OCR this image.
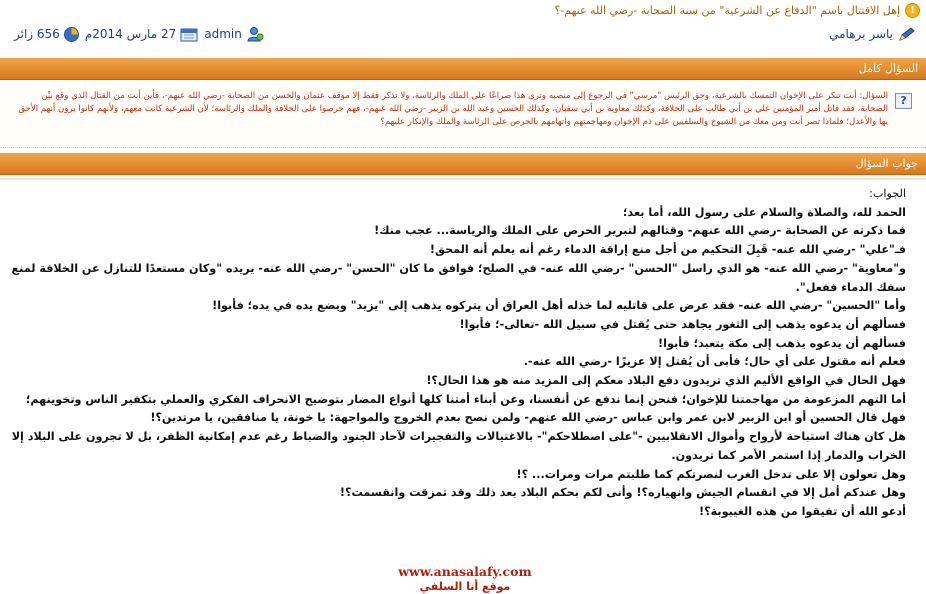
!
إهل الاقتتال باسم "الدفاع عن الشرعية" من سنة الصحابة -رضي الله عنهم-؟
ياسر برهامي
admin
27 مارس 2014م
656 زائر
السؤال كامل
?
السؤال: أنت تنكر على الإخوان التمسك بالشرعية، وحق الرئيس "مرسي" في الرجوع إلى منصبه وترى هذا صراعًا على الملك والرئاسة، ولا تذكر فقط إلا موقف عثمان والحسن من الصحابة -رضي الله عنهم-، فأين أنت من القتال الذي وقع بيْن الصحابة، فقد قاتل أمير المؤمنين علي بن أبي طالب على الخلافة، وكذلك معاوية بن أبي سفيان، وكذلك الحسين وعبد الله بن الزبير -رضي الله عنهم-، فهم حرصوا على الخلافة والملك والرئاسة؛ لأن الشرعية كانت معهم، ولأنهم كانوا يرون أنهم الأحق بها والأعدل؛ فلماذا تصر أنت ومن معك من الشيوخ والسلفيين على ذم الإخوان ومهاجمتهم واتهامهم بالحرص على الرئاسة والملك والإنكار عليهم؟
جواب السؤال

الجواب:

الحمد لله، والصلاة والسلام على رسول الله، أما بعد؛

فما ذكرته عن الصحابة -رضي الله عنهم- وقتالهم لتبرير الحرص على الملك والرياسة... عجب منك!

فـ"علي" -رضي الله عنه- قَبِلَ التحكيم من أجل منع إراقة الدماء رغم أنه يعلم أنه المحق!

و"معاوية" -رضي الله عنه- هو الذي راسل "الحسن" -رضي الله عنه- في الصلح؛ فوافق ما كان "الحسن" -رضي الله عنه- يريده "وكان مستعدًا للتنازل عن الخلافة لمنع سفك الدماء ففعل".

وأما "الحسين" -رضي الله عنه- فقد عرض على قاتليه لما خذله أهل العراق أن يتركوه يذهب إلى "يزيد" ويضع يده في يده؛ فأبوا!

فسألهم أن يدعوه يذهب إلى الثغور يجاهد حتى يُقتل في سبيل الله -تعالى-؛ فأبوا!

فسألهم أن يدعوه يذهب إلى مكة يتعبد؛ فأبوا!

فعلم أنه مقتول على أي حال؛ فأبى أن يُقتل إلا عزيزًا -رضي الله عنه-.

فهل الحال في الواقع الأليم الذي تريدون دفع البلاد معكم إلى المزيد منه هو هذا الحال؟!

أما التهم المزعومة من مهاجمتنا للإخوان؛ فنحن إنما ندفع عن أنفسنا، وعن أبناء أمتنا كلها أنواع المضار بتوضيح الانحراف الفكري والعملي بتكفير الناس وتخوينهم؛ فهل قال الحسين أو ابن الزبير لابن عمر وابن عباس -رضي الله عنهم- ولمن نصح بعدم الخروج والمواجهة: يا خونة، يا منافقين، يا مرتدين؟!

هل كان هناك استباحة لأرواح وأموال الانقلابيين -"على اصطلاحكم"- بالاغتيالات والتفجيرات لآحاد الجنود والضباط رغم عدم إمكانية الظفر، بل لا تجرون على البلاد إلا الخراب والدمار إذا استمر الأمر كما تريدون.

وهل تعولون إلا على تدخل الغرب لنصرتكم كما طلبتم مرات ومرات... ؟!

وهل عندكم أمل إلا في انقسام الجيش وانهياره؟! وأنى لكم بحكم البلاد بعد ذلك وقد تمزقت وانقسمت؟!

أدعو الله أن تفيقوا من هذه الغيبوبة؟!

www.anasalafy.com
موقع أنا السلفي
